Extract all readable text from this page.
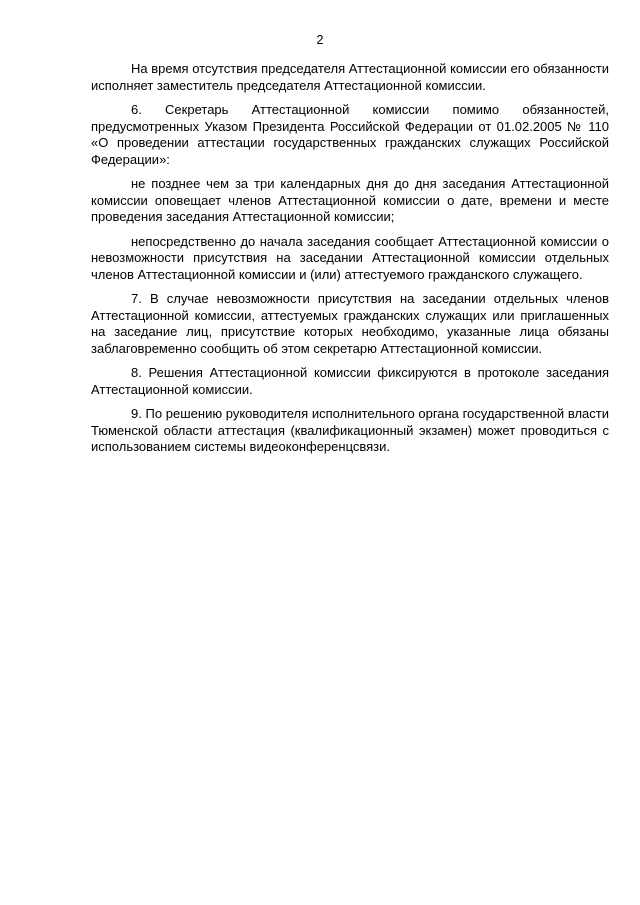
2

На время отсутствия председателя Аттестационной комиссии его обязанности исполняет заместитель председателя Аттестационной комиссии.

6. Секретарь Аттестационной комиссии помимо обязанностей, предусмотренных Указом Президента Российской Федерации от 01.02.2005 № 110 «О проведении аттестации государственных гражданских служащих Российской Федерации»:

не позднее чем за три календарных дня до дня заседания Аттестационной комиссии оповещает членов Аттестационной комиссии о дате, времени и месте проведения заседания Аттестационной комиссии;

непосредственно до начала заседания сообщает Аттестационной комиссии о невозможности присутствия на заседании Аттестационной комиссии отдельных членов Аттестационной комиссии и (или) аттестуемого гражданского служащего.

7. В случае невозможности присутствия на заседании отдельных членов Аттестационной комиссии, аттестуемых гражданских служащих или приглашенных на заседание лиц, присутствие которых необходимо, указанные лица обязаны заблаговременно сообщить об этом секретарю Аттестационной комиссии.

8. Решения Аттестационной комиссии фиксируются в протоколе заседания Аттестационной комиссии.

9. По решению руководителя исполнительного органа государственной власти Тюменской области аттестация (квалификационный экзамен) может проводиться с использованием системы видеоконференцсвязи.
